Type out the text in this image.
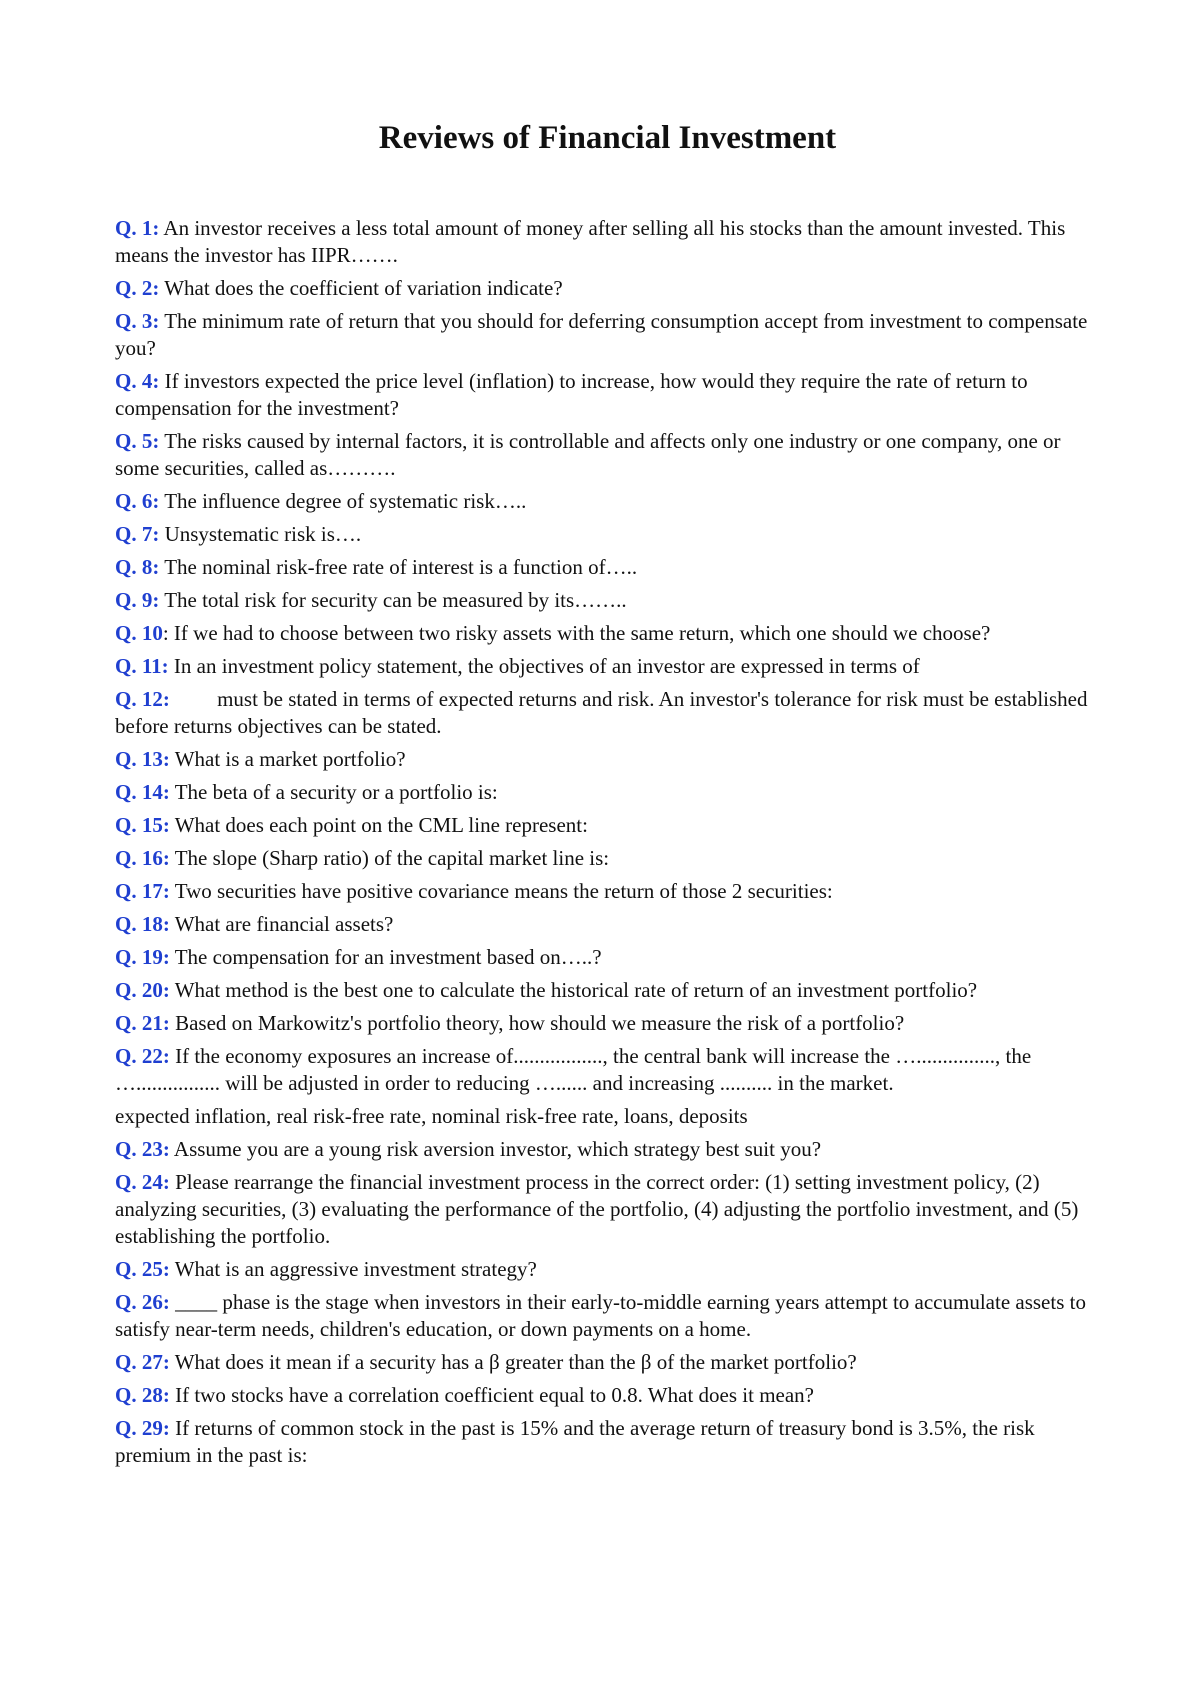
Reviews of Financial Investment

Q. 1: An investor receives a less total amount of money after selling all his stocks than the amount invested. This means the investor has IIPR…….

Q. 2: What does the coefficient of variation indicate?

Q. 3: The minimum rate of return that you should for deferring consumption accept from investment to compensate you?

Q. 4: If investors expected the price level (inflation) to increase, how would they require the rate of return to compensation for the investment?

Q. 5: The risks caused by internal factors, it is controllable and affects only one industry or one company, one or some securities, called as……….

Q. 6: The influence degree of systematic risk…..

Q. 7: Unsystematic risk is….

Q. 8: The nominal risk-free rate of interest is a function of…..

Q. 9: The total risk for security can be measured by its……..

Q. 10: If we had to choose between two risky assets with the same return, which one should we choose?

Q. 11: In an investment policy statement, the objectives of an investor are expressed in terms of

Q. 12:         must be stated in terms of expected returns and risk. An investor's tolerance for risk must be established before returns objectives can be stated.

Q. 13: What is a market portfolio?

Q. 14: The beta of a security or a portfolio is:

Q. 15: What does each point on the CML line represent:

Q. 16: The slope (Sharp ratio) of the capital market line is:

Q. 17: Two securities have positive covariance means the return of those 2 securities:

Q. 18: What are financial assets?

Q. 19: The compensation for an investment based on…..?

Q. 20: What method is the best one to calculate the historical rate of return of an investment portfolio?

Q. 21: Based on Markowitz's portfolio theory, how should we measure the risk of a portfolio?

Q. 22: If the economy exposures an increase of................., the central bank will increase the …..............., the …................ will be adjusted in order to reducing …...... and increasing .......... in the market.

expected inflation, real risk-free rate, nominal risk-free rate, loans, deposits

Q. 23: Assume you are a young risk aversion investor, which strategy best suit you?

Q. 24: Please rearrange the financial investment process in the correct order: (1) setting investment policy, (2) analyzing securities, (3) evaluating the performance of the portfolio, (4) adjusting the portfolio investment, and (5) establishing the portfolio.

Q. 25: What is an aggressive investment strategy?

Q. 26: ____ phase is the stage when investors in their early-to-middle earning years attempt to accumulate assets to satisfy near-term needs, children's education, or down payments on a home.

Q. 27: What does it mean if a security has a β greater than the β of the market portfolio?

Q. 28: If two stocks have a correlation coefficient equal to 0.8. What does it mean?

Q. 29: If returns of common stock in the past is 15% and the average return of treasury bond is 3.5%, the risk premium in the past is:
